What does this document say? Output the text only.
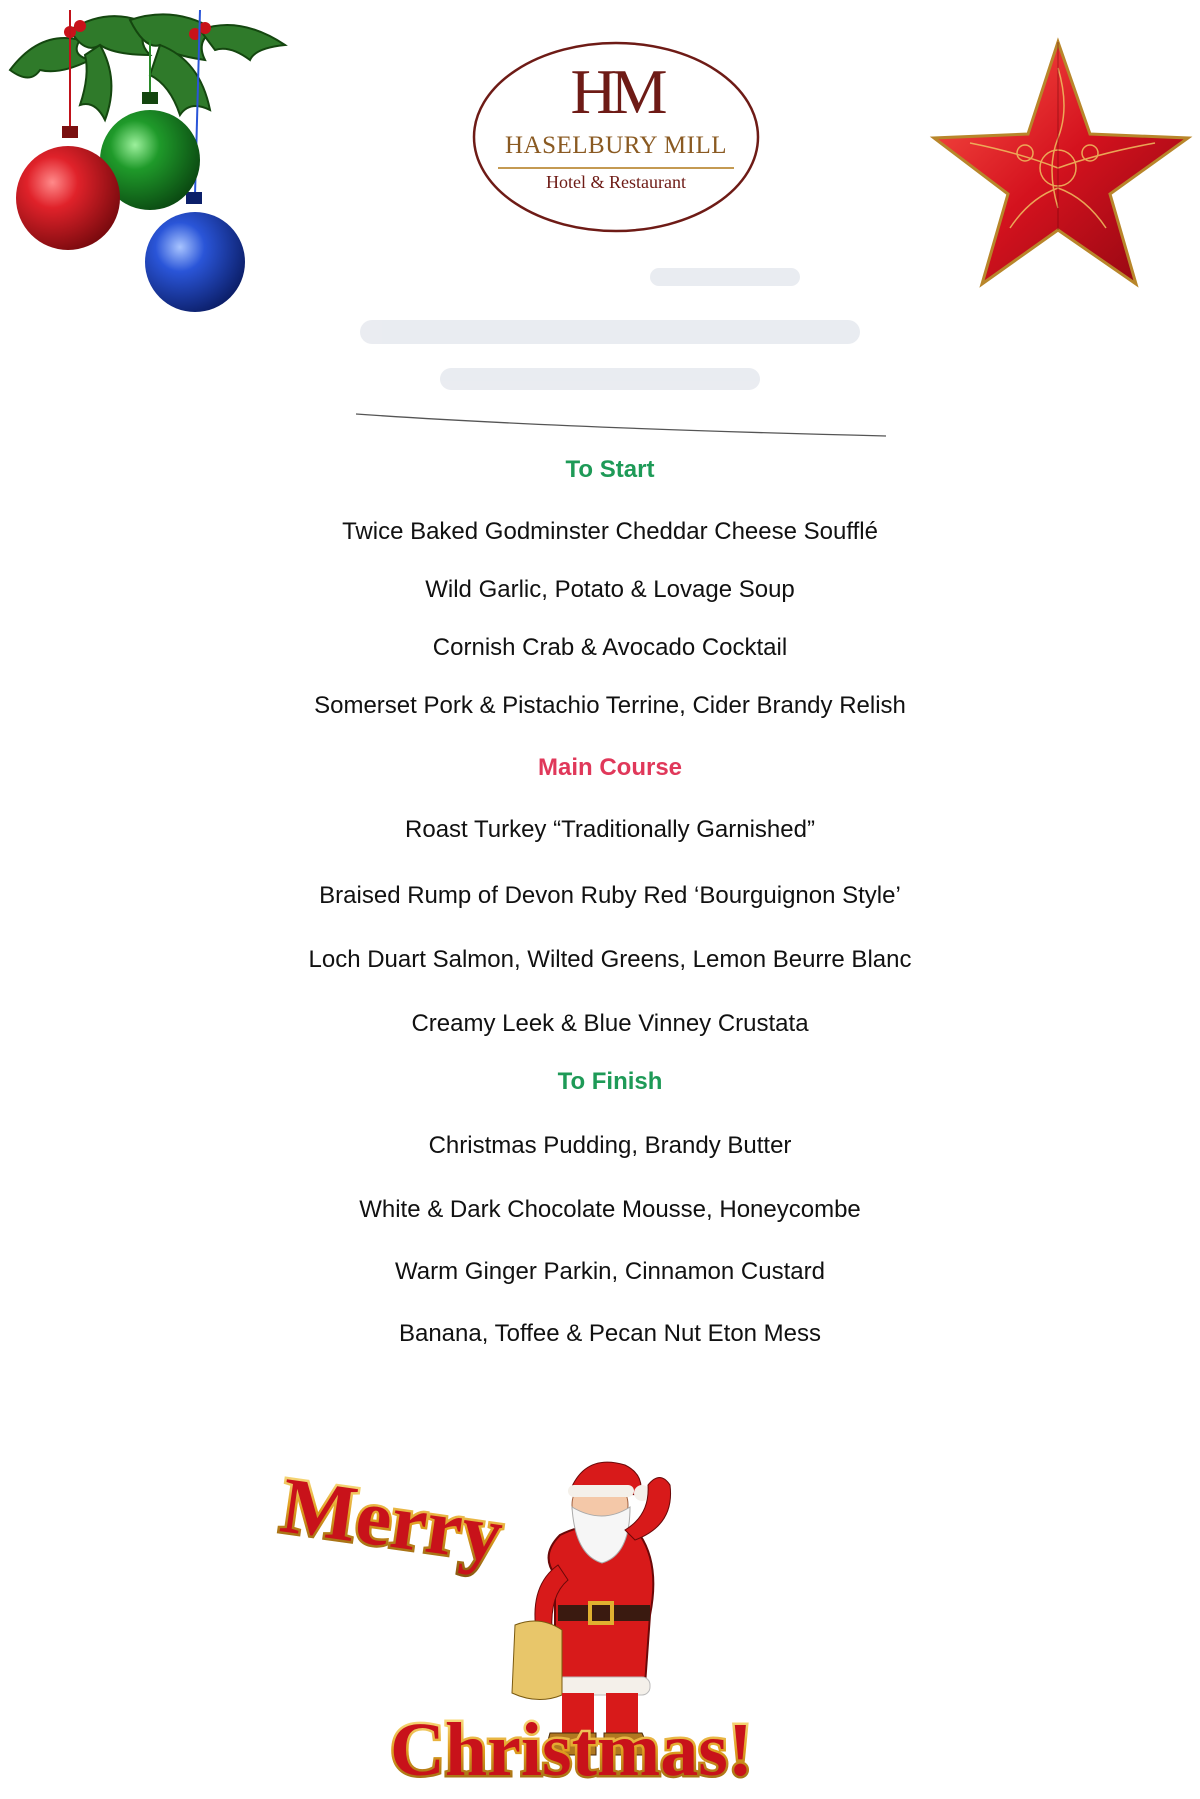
HM
HASELBURY MILL
Hotel & Restaurant

To Start

Twice Baked Godminster Cheddar Cheese Soufflé

Wild Garlic, Potato & Lovage Soup

Cornish Crab & Avocado Cocktail

Somerset Pork & Pistachio Terrine, Cider Brandy Relish

Main Course

Roast Turkey “Traditionally Garnished”

Braised Rump of Devon Ruby Red ‘Bourguignon Style’

Loch Duart Salmon, Wilted Greens, Lemon Beurre Blanc

Creamy Leek & Blue Vinney Crustata

To Finish

Christmas Pudding, Brandy Butter

White & Dark Chocolate Mousse, Honeycombe

Warm Ginger Parkin, Cinnamon Custard

Banana, Toffee & Pecan Nut Eton Mess

Merry
Christmas!
